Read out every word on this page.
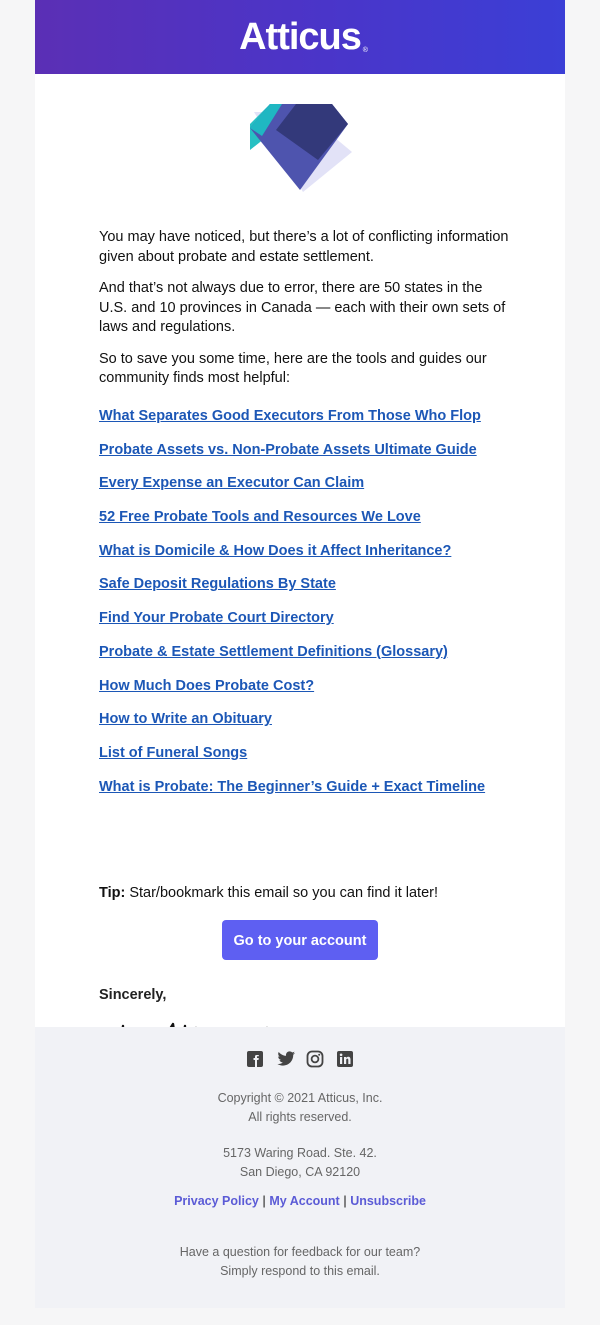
Atticus ®

You may have noticed, but there’s a lot of conflicting information given about probate and estate settlement.

And that’s not always due to error, there are 50 states in the U.S. and 10 provinces in Canada — each with their own sets of laws and regulations.

So to save you some time, here are the tools and guides our community finds most helpful:

What Separates Good Executors From Those Who Flop
Probate Assets vs. Non-Probate Assets Ultimate Guide
Every Expense an Executor Can Claim
52 Free Probate Tools and Resources We Love
What is Domicile & How Does it Affect Inheritance?
Safe Deposit Regulations By State
Find Your Probate Court Directory
Probate & Estate Settlement Definitions (Glossary)
How Much Does Probate Cost?
How to Write an Obituary
List of Funeral Songs
What is Probate: The Beginner’s Guide + Exact Timeline
Tip: Star/bookmark this email so you can find it later!
Go to your account
Sincerely,
Copyright © 2021 Atticus, Inc.
All rights reserved.
5173 Waring Road. Ste. 42.
San Diego, CA 92120
Privacy Policy | My Account | Unsubscribe
Have a question for feedback for our team?
Simply respond to this email.
